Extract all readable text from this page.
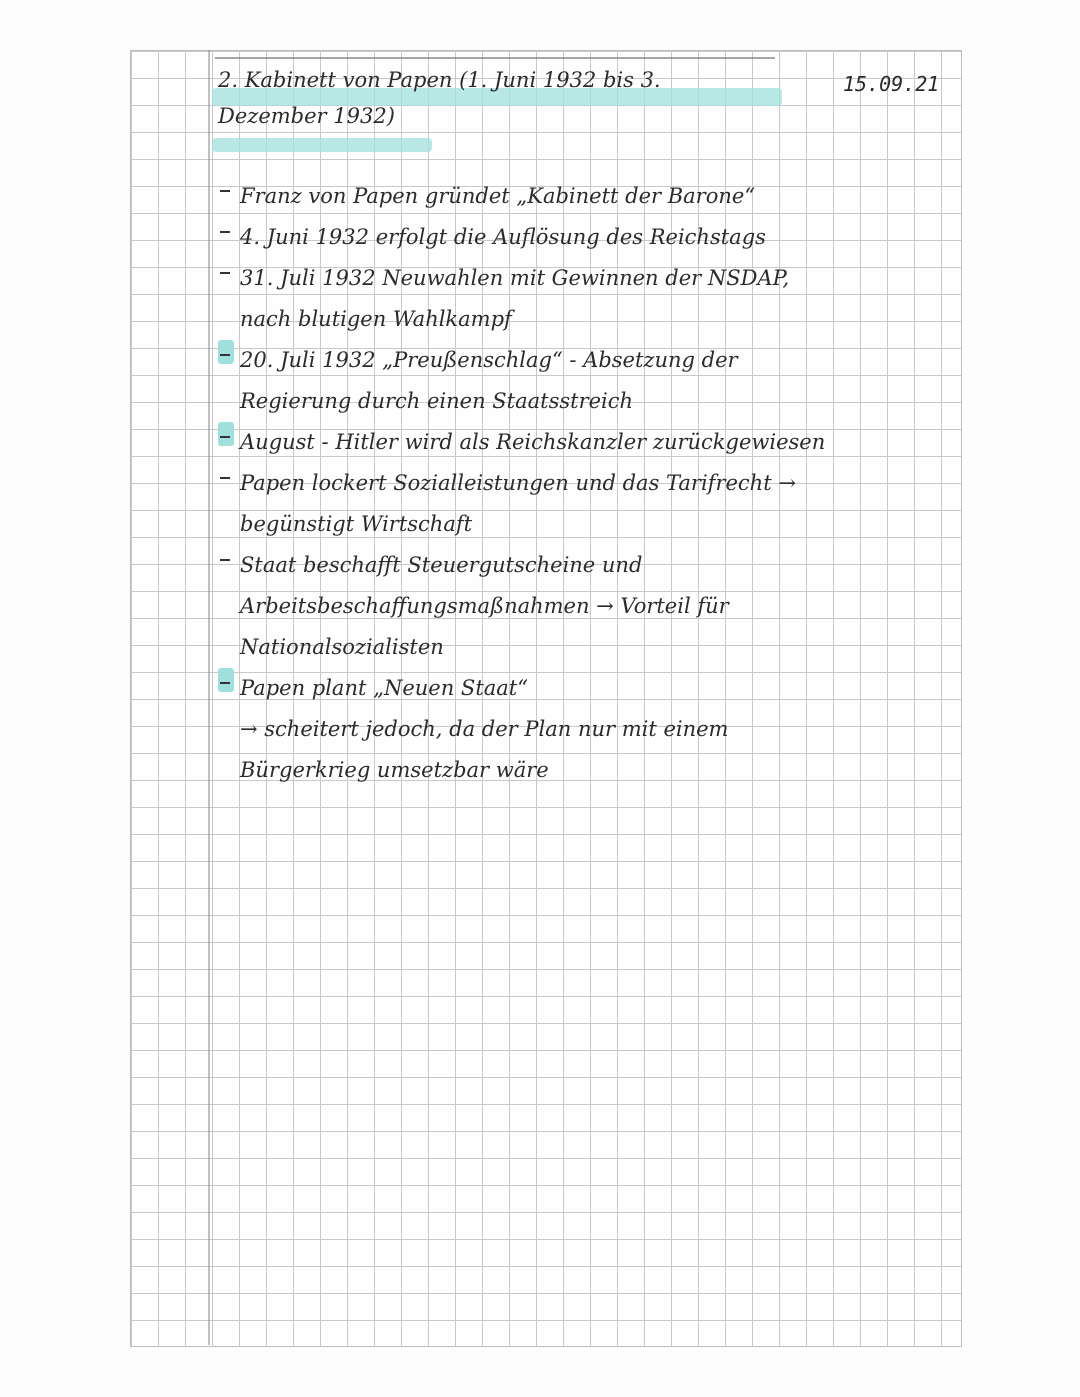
15.09.21
2. Kabinett von Papen (1. Juni 1932 bis 3.
Dezember 1932)
Franz von Papen gründet „Kabinett der Barone“
4. Juni 1932 erfolgt die Auflösung des Reichstags
31. Juli 1932 Neuwahlen mit Gewinnen der NSDAP, nach blutigen Wahlkampf
20. Juli 1932 „Preußenschlag“ - Absetzung der Regierung durch einen Staatsstreich
August - Hitler wird als Reichskanzler zurückgewiesen
Papen lockert Sozialleistungen und das Tarifrecht → begünstigt Wirtschaft
Staat beschafft Steuergutscheine und Arbeitsbeschaffungsmaßnahmen → Vorteil für Nationalsozialisten
Papen plant „Neuen Staat“
→ scheitert jedoch, da der Plan nur mit einem Bürgerkrieg umsetzbar wäre
